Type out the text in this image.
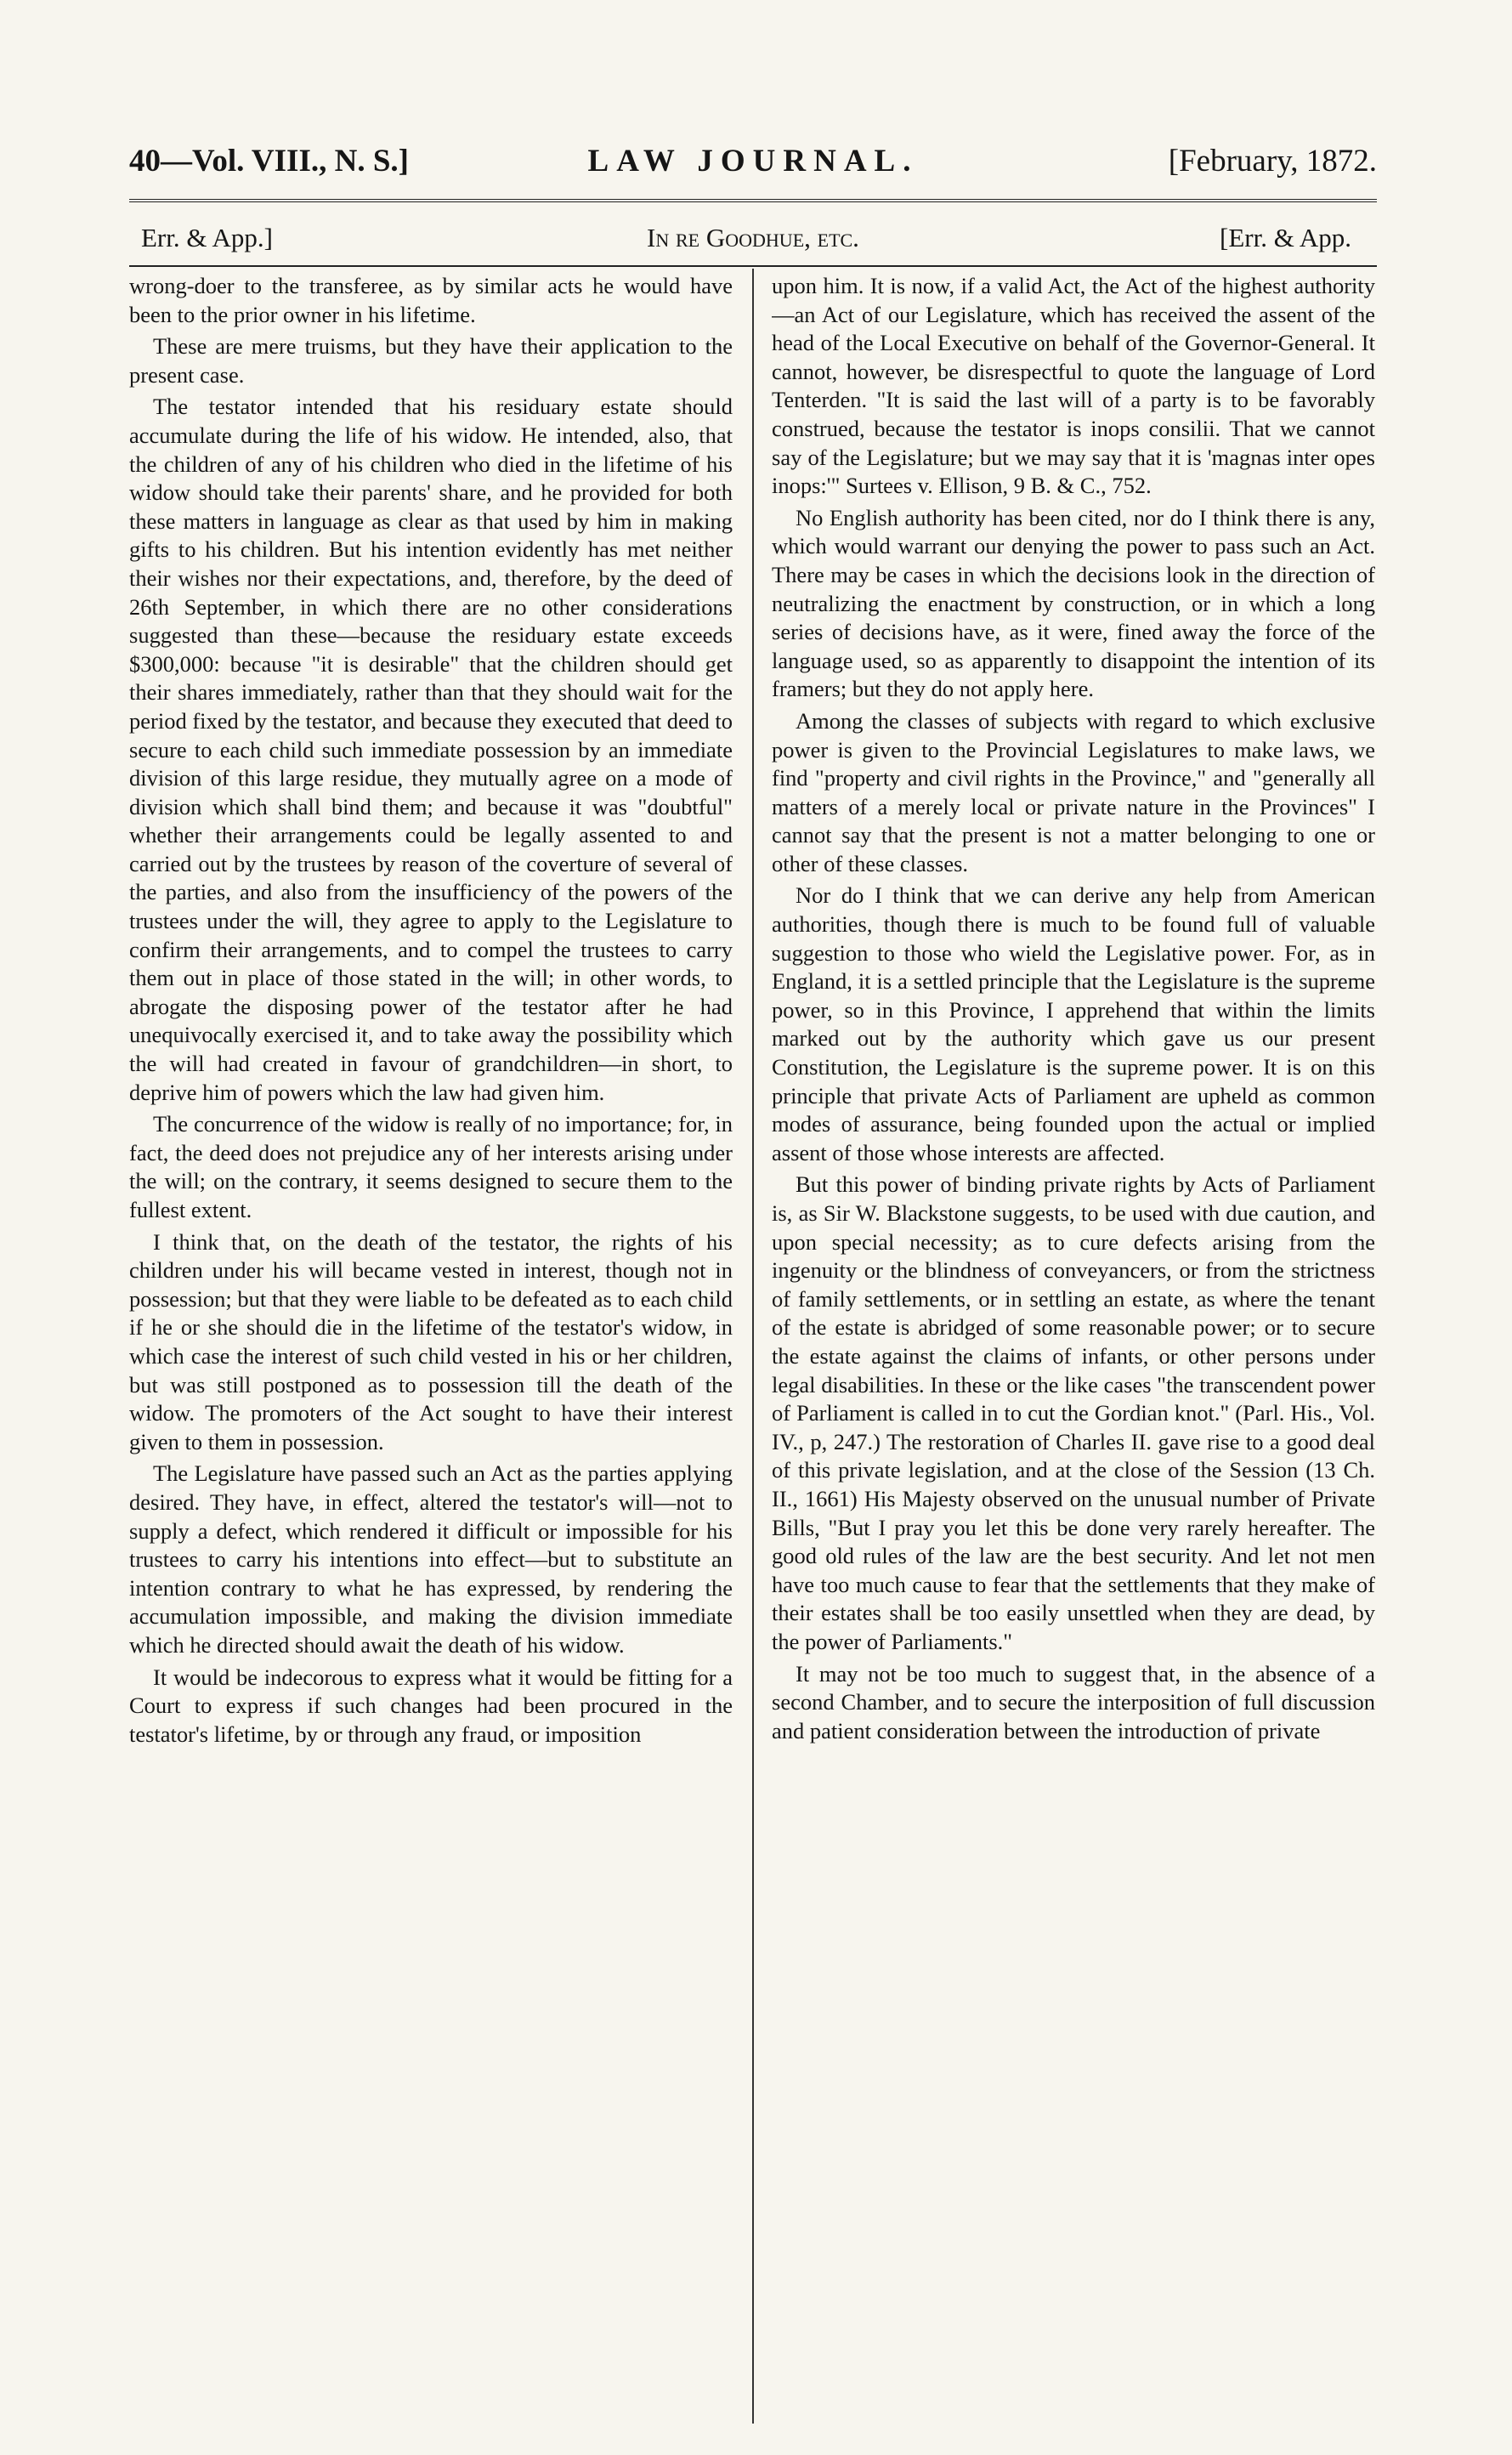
40—Vol. VIII., N. S.]	LAW JOURNAL.	[February, 1872.
Err. & App.]	In re Goodhue, etc.	[Err. & App.

wrong-doer to the transferee, as by similar acts he would have been to the prior owner in his lifetime.

These are mere truisms, but they have their application to the present case.

The testator intended that his residuary estate should accumulate during the life of his widow. He intended, also, that the children of any of his children who died in the lifetime of his widow should take their parents' share, and he provided for both these matters in language as clear as that used by him in making gifts to his children. But his intention evidently has met neither their wishes nor their expectations, and, therefore, by the deed of 26th September, in which there are no other considerations suggested than these—because the residuary estate exceeds $300,000: because "it is desirable" that the children should get their shares immediately, rather than that they should wait for the period fixed by the testator, and because they executed that deed to secure to each child such immediate possession by an immediate division of this large residue, they mutually agree on a mode of division which shall bind them; and because it was "doubtful" whether their arrangements could be legally assented to and carried out by the trustees by reason of the coverture of several of the parties, and also from the insufficiency of the powers of the trustees under the will, they agree to apply to the Legislature to confirm their arrangements, and to compel the trustees to carry them out in place of those stated in the will; in other words, to abrogate the disposing power of the testator after he had unequivocally exercised it, and to take away the possibility which the will had created in favour of grandchildren—in short, to deprive him of powers which the law had given him.

The concurrence of the widow is really of no importance; for, in fact, the deed does not prejudice any of her interests arising under the will; on the contrary, it seems designed to secure them to the fullest extent.

I think that, on the death of the testator, the rights of his children under his will became vested in interest, though not in possession; but that they were liable to be defeated as to each child if he or she should die in the lifetime of the testator's widow, in which case the interest of such child vested in his or her children, but was still postponed as to possession till the death of the widow. The promoters of the Act sought to have their interest given to them in possession.

The Legislature have passed such an Act as the parties applying desired. They have, in effect, altered the testator's will—not to supply a defect, which rendered it difficult or impossible for his trustees to carry his intentions into effect—but to substitute an intention contrary to what he has expressed, by rendering the accumulation impossible, and making the division immediate which he directed should await the death of his widow.

It would be indecorous to express what it would be fitting for a Court to express if such changes had been procured in the testator's lifetime, by or through any fraud, or imposition

upon him. It is now, if a valid Act, the Act of the highest authority—an Act of our Legislature, which has received the assent of the head of the Local Executive on behalf of the Governor-General. It cannot, however, be disrespectful to quote the language of Lord Tenterden. "It is said the last will of a party is to be favorably construed, because the testator is inops consilii. That we cannot say of the Legislature; but we may say that it is 'magnas inter opes inops:'" Surtees v. Ellison, 9 B. & C., 752.

No English authority has been cited, nor do I think there is any, which would warrant our denying the power to pass such an Act. There may be cases in which the decisions look in the direction of neutralizing the enactment by construction, or in which a long series of decisions have, as it were, fined away the force of the language used, so as apparently to disappoint the intention of its framers; but they do not apply here.

Among the classes of subjects with regard to which exclusive power is given to the Provincial Legislatures to make laws, we find "property and civil rights in the Province," and "generally all matters of a merely local or private nature in the Provinces" I cannot say that the present is not a matter belonging to one or other of these classes.

Nor do I think that we can derive any help from American authorities, though there is much to be found full of valuable suggestion to those who wield the Legislative power. For, as in England, it is a settled principle that the Legislature is the supreme power, so in this Province, I apprehend that within the limits marked out by the authority which gave us our present Constitution, the Legislature is the supreme power. It is on this principle that private Acts of Parliament are upheld as common modes of assurance, being founded upon the actual or implied assent of those whose interests are affected.

But this power of binding private rights by Acts of Parliament is, as Sir W. Blackstone suggests, to be used with due caution, and upon special necessity; as to cure defects arising from the ingenuity or the blindness of conveyancers, or from the strictness of family settlements, or in settling an estate, as where the tenant of the estate is abridged of some reasonable power; or to secure the estate against the claims of infants, or other persons under legal disabilities. In these or the like cases "the transcendent power of Parliament is called in to cut the Gordian knot." (Parl. His., Vol. IV., p, 247.) The restoration of Charles II. gave rise to a good deal of this private legislation, and at the close of the Session (13 Ch. II., 1661) His Majesty observed on the unusual number of Private Bills, "But I pray you let this be done very rarely hereafter. The good old rules of the law are the best security. And let not men have too much cause to fear that the settlements that they make of their estates shall be too easily unsettled when they are dead, by the power of Parliaments."

It may not be too much to suggest that, in the absence of a second Chamber, and to secure the interposition of full discussion and patient consideration between the introduction of private
